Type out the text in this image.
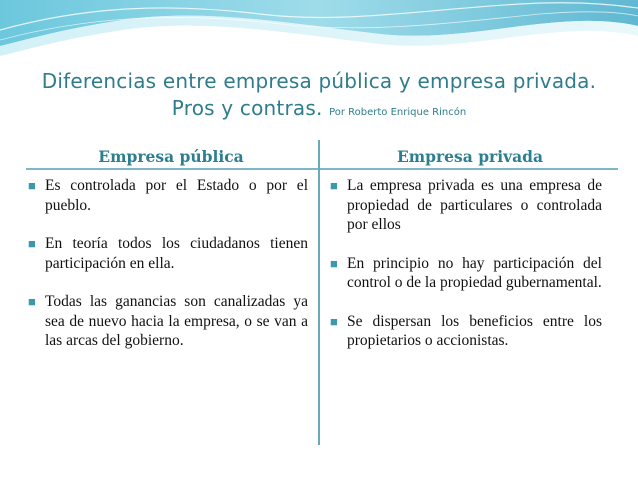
Diferencias entre empresa pública y empresa privada.
Pros y contras. Por Roberto Enrique Rincón
Empresa pública	Empresa privada
■ Es controlada por el Estado o por el pueblo.
■ En teoría todos los ciudadanos tienen participación en ella.
■ Todas las ganancias son canalizadas ya sea de nuevo hacia la empresa, o se van a las arcas del gobierno.
■ La empresa privada es una empresa de propiedad de particulares o controlada por ellos
■ En principio no hay participación del control o de la propiedad gubernamental.
■ Se dispersan los beneficios entre los propietarios o accionistas.
